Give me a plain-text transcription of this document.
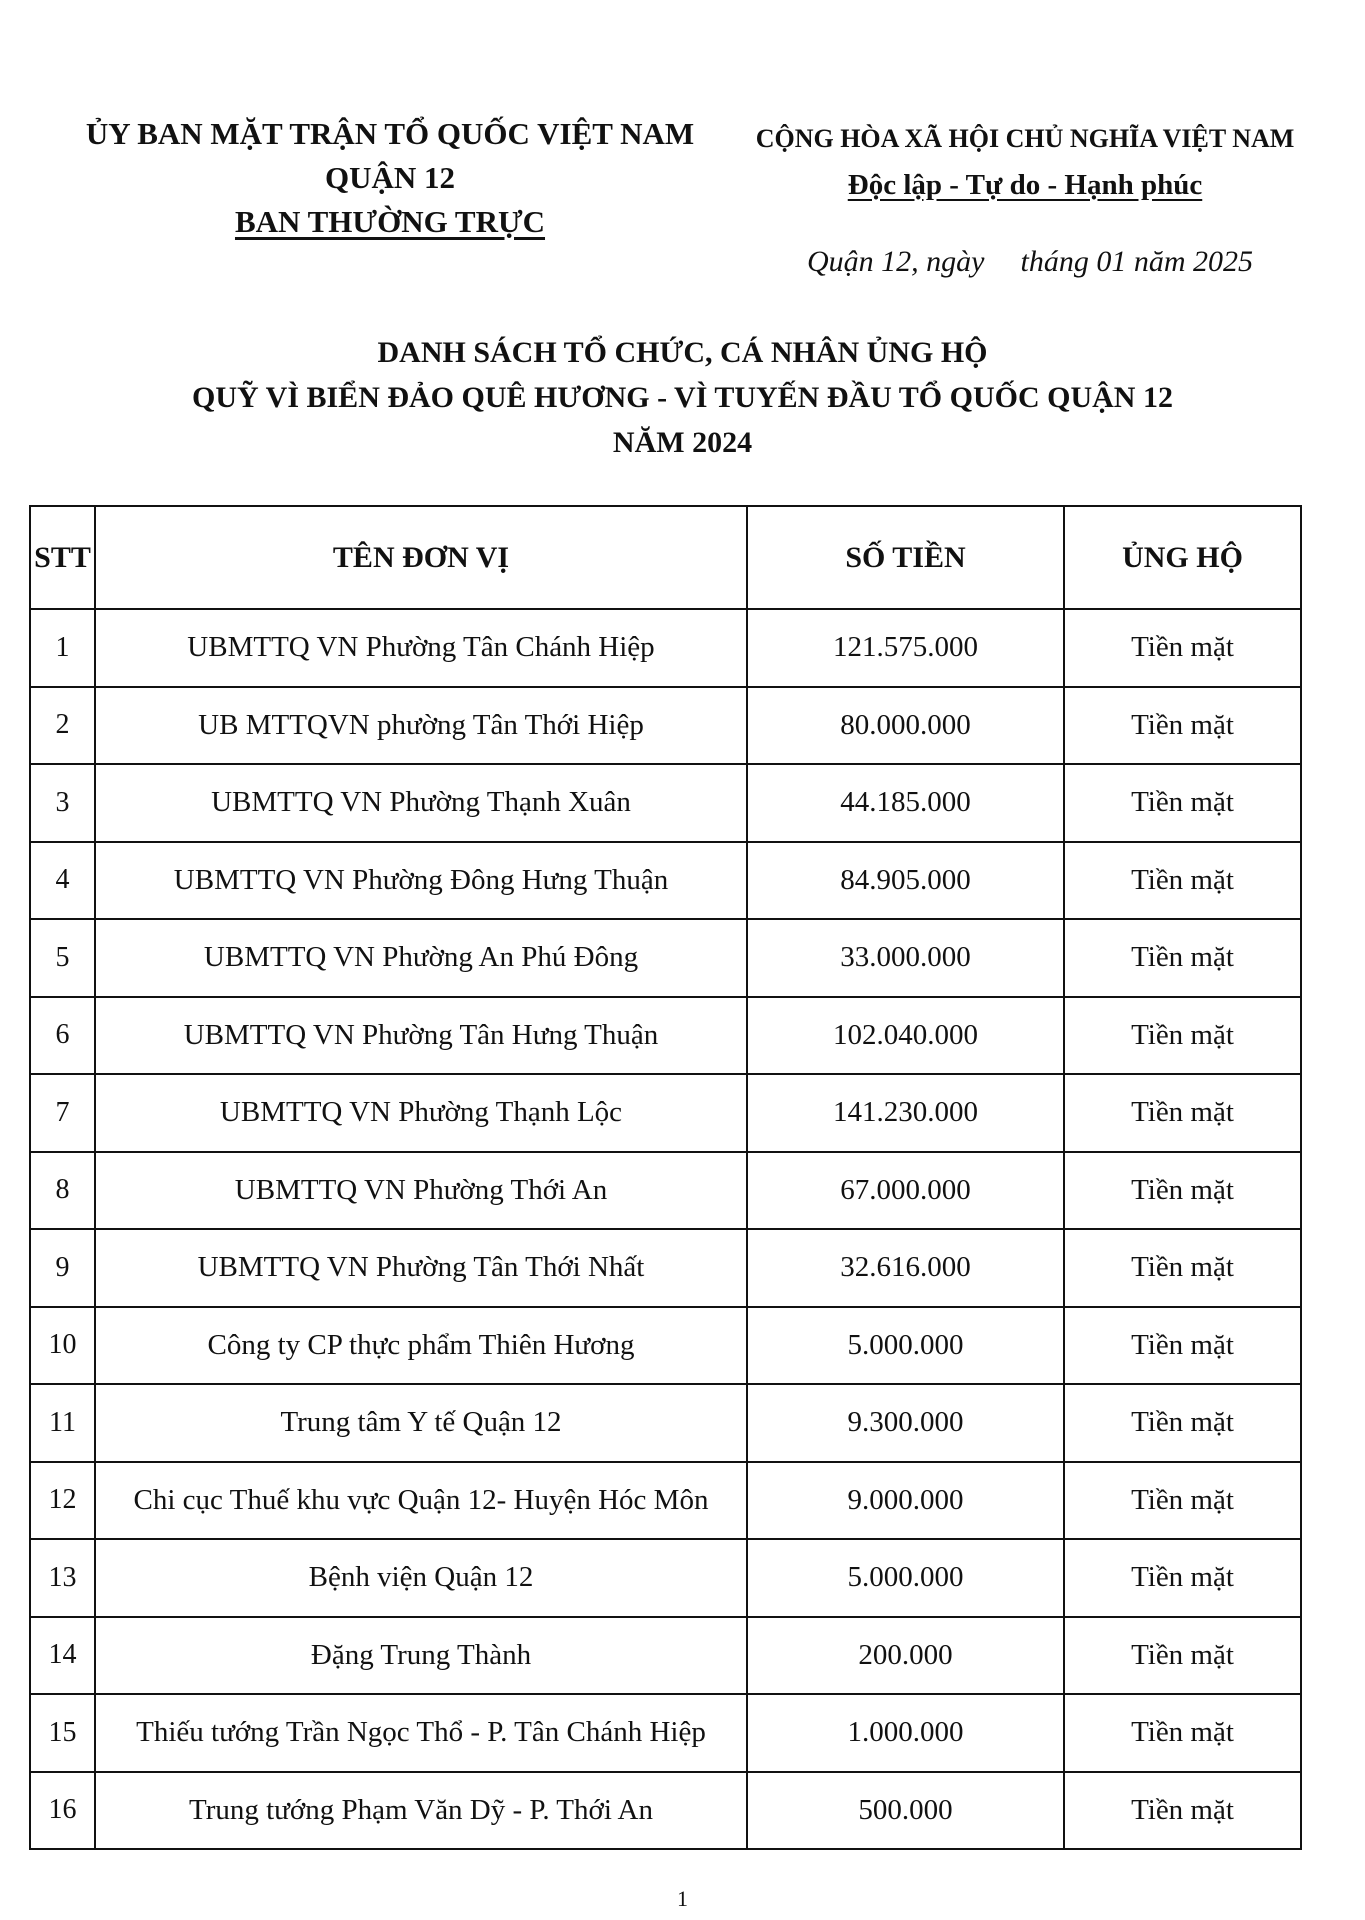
ỦY BAN MẶT TRẬN TỔ QUỐC VIỆT NAM
QUẬN 12
BAN THƯỜNG TRỰC
CỘNG HÒA XÃ HỘI CHỦ NGHĨA VIỆT NAM
Độc lập - Tự do - Hạnh phúc
Quận 12, ngày tháng 01 năm 2025
DANH SÁCH TỔ CHỨC, CÁ NHÂN ỦNG HỘ
QUỸ VÌ BIỂN ĐẢO QUÊ HƯƠNG - VÌ TUYẾN ĐẦU TỔ QUỐC QUẬN 12
NĂM 2024
STT	TÊN ĐƠN VỊ	SỐ TIỀN	ỦNG HỘ
1	UBMTTQ VN Phường Tân Chánh Hiệp	121.575.000	Tiền mặt
2	UB MTTQVN phường Tân Thới Hiệp	80.000.000	Tiền mặt
3	UBMTTQ VN Phường Thạnh Xuân	44.185.000	Tiền mặt
4	UBMTTQ VN Phường Đông Hưng Thuận	84.905.000	Tiền mặt
5	UBMTTQ VN Phường An Phú Đông	33.000.000	Tiền mặt
6	UBMTTQ VN Phường Tân Hưng Thuận	102.040.000	Tiền mặt
7	UBMTTQ VN Phường Thạnh Lộc	141.230.000	Tiền mặt
8	UBMTTQ VN Phường Thới An	67.000.000	Tiền mặt
9	UBMTTQ VN Phường Tân Thới Nhất	32.616.000	Tiền mặt
10	Công ty CP thực phẩm Thiên Hương	5.000.000	Tiền mặt
11	Trung tâm Y tế Quận 12	9.300.000	Tiền mặt
12	Chi cục Thuế khu vực Quận 12- Huyện Hóc Môn	9.000.000	Tiền mặt
13	Bệnh viện Quận 12	5.000.000	Tiền mặt
14	Đặng Trung Thành	200.000	Tiền mặt
15	Thiếu tướng Trần Ngọc Thổ - P. Tân Chánh Hiệp	1.000.000	Tiền mặt
16	Trung tướng Phạm Văn Dỹ - P. Thới An	500.000	Tiền mặt
1
